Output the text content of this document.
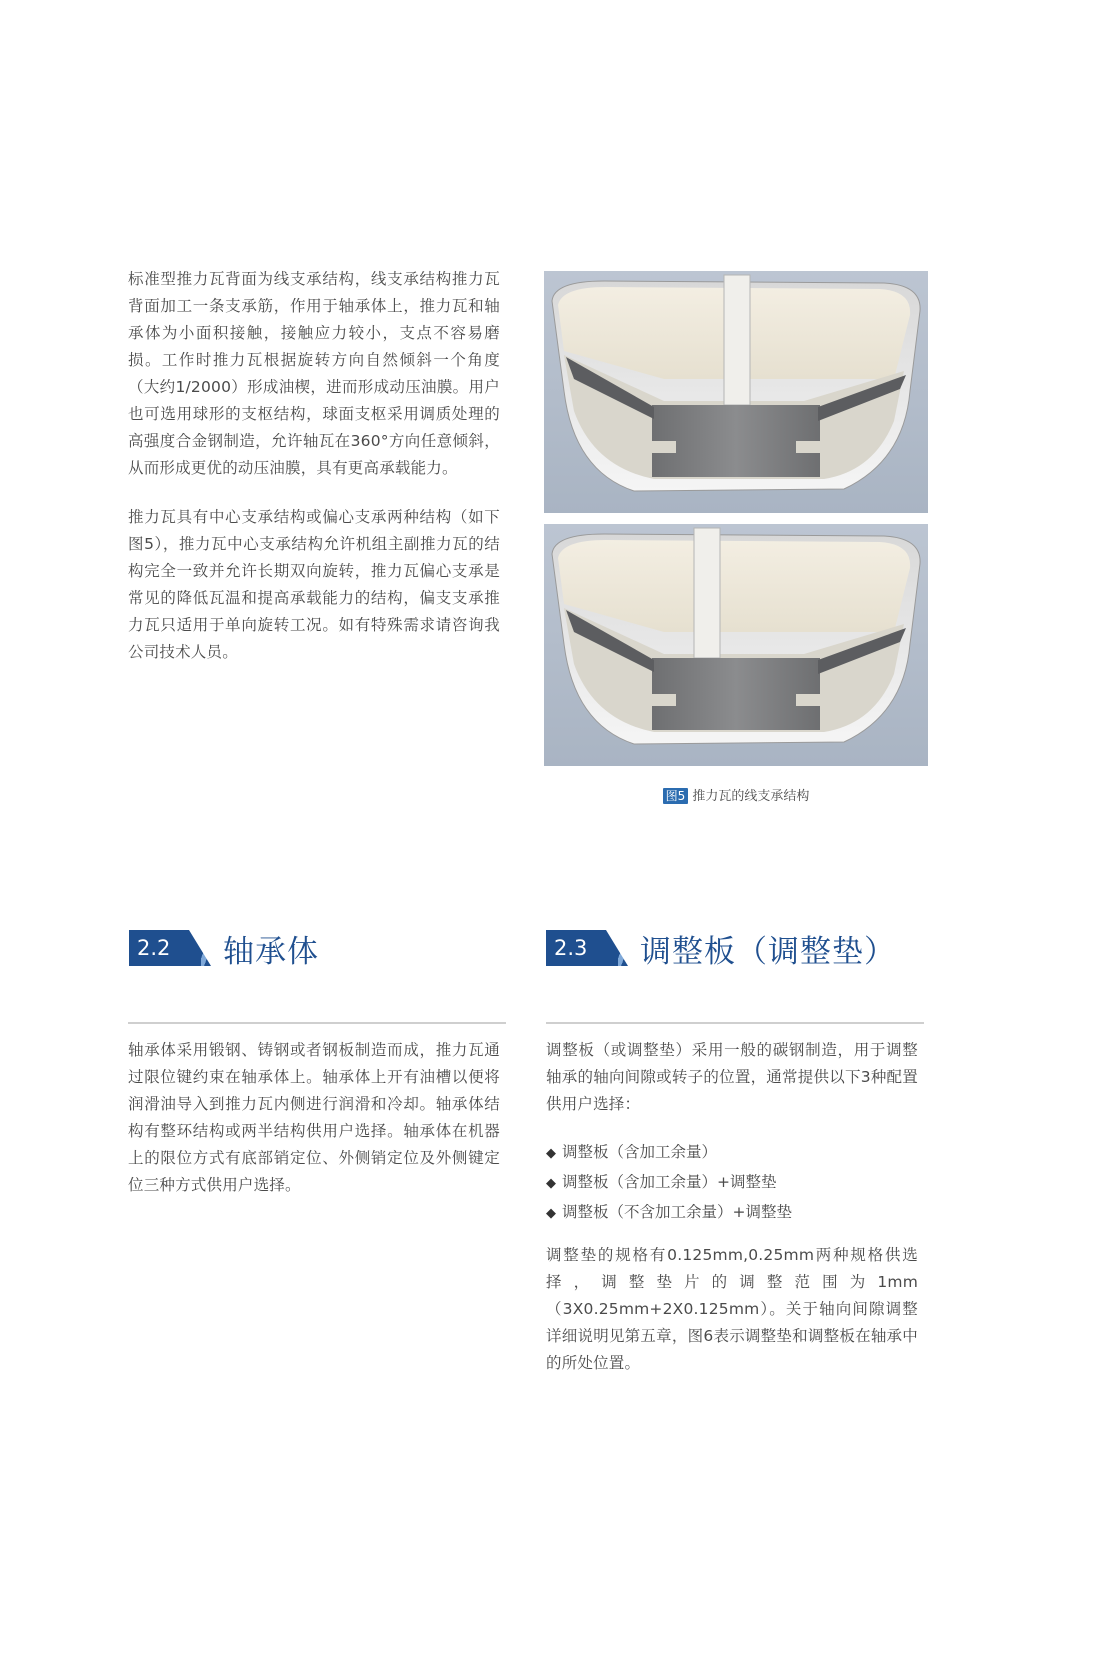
标准型推力瓦背面为线支承结构，线支承结构推力瓦背面加工一条支承筋，作用于轴承体上，推力瓦和轴承体为小面积接触，接触应力较小，支点不容易磨损。工作时推力瓦根据旋转方向自然倾斜一个角度（大约1/2000）形成油楔，进而形成动压油膜。用户也可选用球形的支枢结构，球面支枢采用调质处理的高强度合金钢制造，允许轴瓦在360°方向任意倾斜，从而形成更优的动压油膜，具有更高承载能力。

推力瓦具有中心支承结构或偏心支承两种结构（如下图5），推力瓦中心支承结构允许机组主副推力瓦的结构完全一致并允许长期双向旋转，推力瓦偏心支承是常见的降低瓦温和提高承载能力的结构，偏支支承推力瓦只适用于单向旋转工况。如有特殊需求请咨询我公司技术人员。

图5 推力瓦的线支承结构
2.2	轴承体

轴承体采用锻钢、铸钢或者钢板制造而成，推力瓦通过限位键约束在轴承体上。轴承体上开有油槽以便将润滑油导入到推力瓦内侧进行润滑和冷却。轴承体结构有整环结构或两半结构供用户选择。轴承体在机器上的限位方式有底部销定位、外侧销定位及外侧键定位三种方式供用户选择。

2.3	调整板（调整垫）

调整板（或调整垫）采用一般的碳钢制造，用于调整轴承的轴向间隙或转子的位置，通常提供以下3种配置供用户选择：

◆ 调整板（含加工余量）
◆ 调整板（含加工余量）+调整垫
◆ 调整板（不含加工余量）+调整垫

调整垫的规格有0.125mm,0.25mm两种规格供选择，调整垫片的调整范围为1mm（3X0.25mm+2X0.125mm）。关于轴向间隙调整详细说明见第五章，图6表示调整垫和调整板在轴承中的所处位置。
